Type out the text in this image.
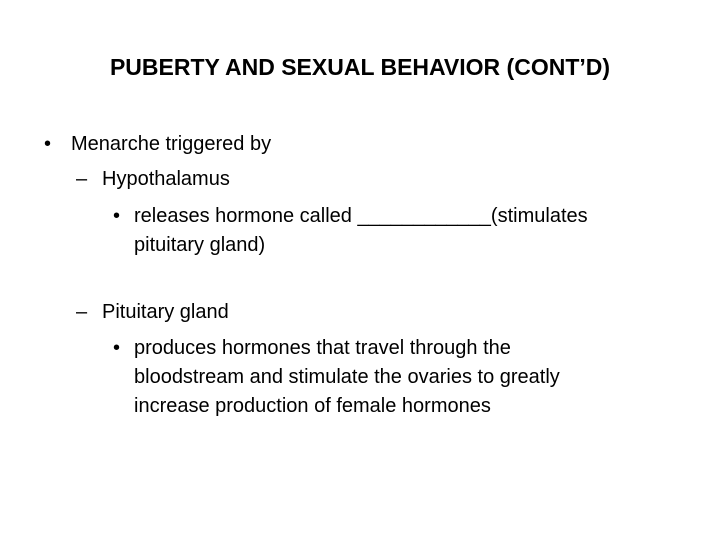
PUBERTY AND SEXUAL BEHAVIOR (CONT’D)
• Menarche triggered by
– Hypothalamus
• releases hormone called ____________(stimulates
pituitary gland)
– Pituitary gland
• produces hormones that travel through the
bloodstream and stimulate the ovaries to greatly
increase production of female hormones
